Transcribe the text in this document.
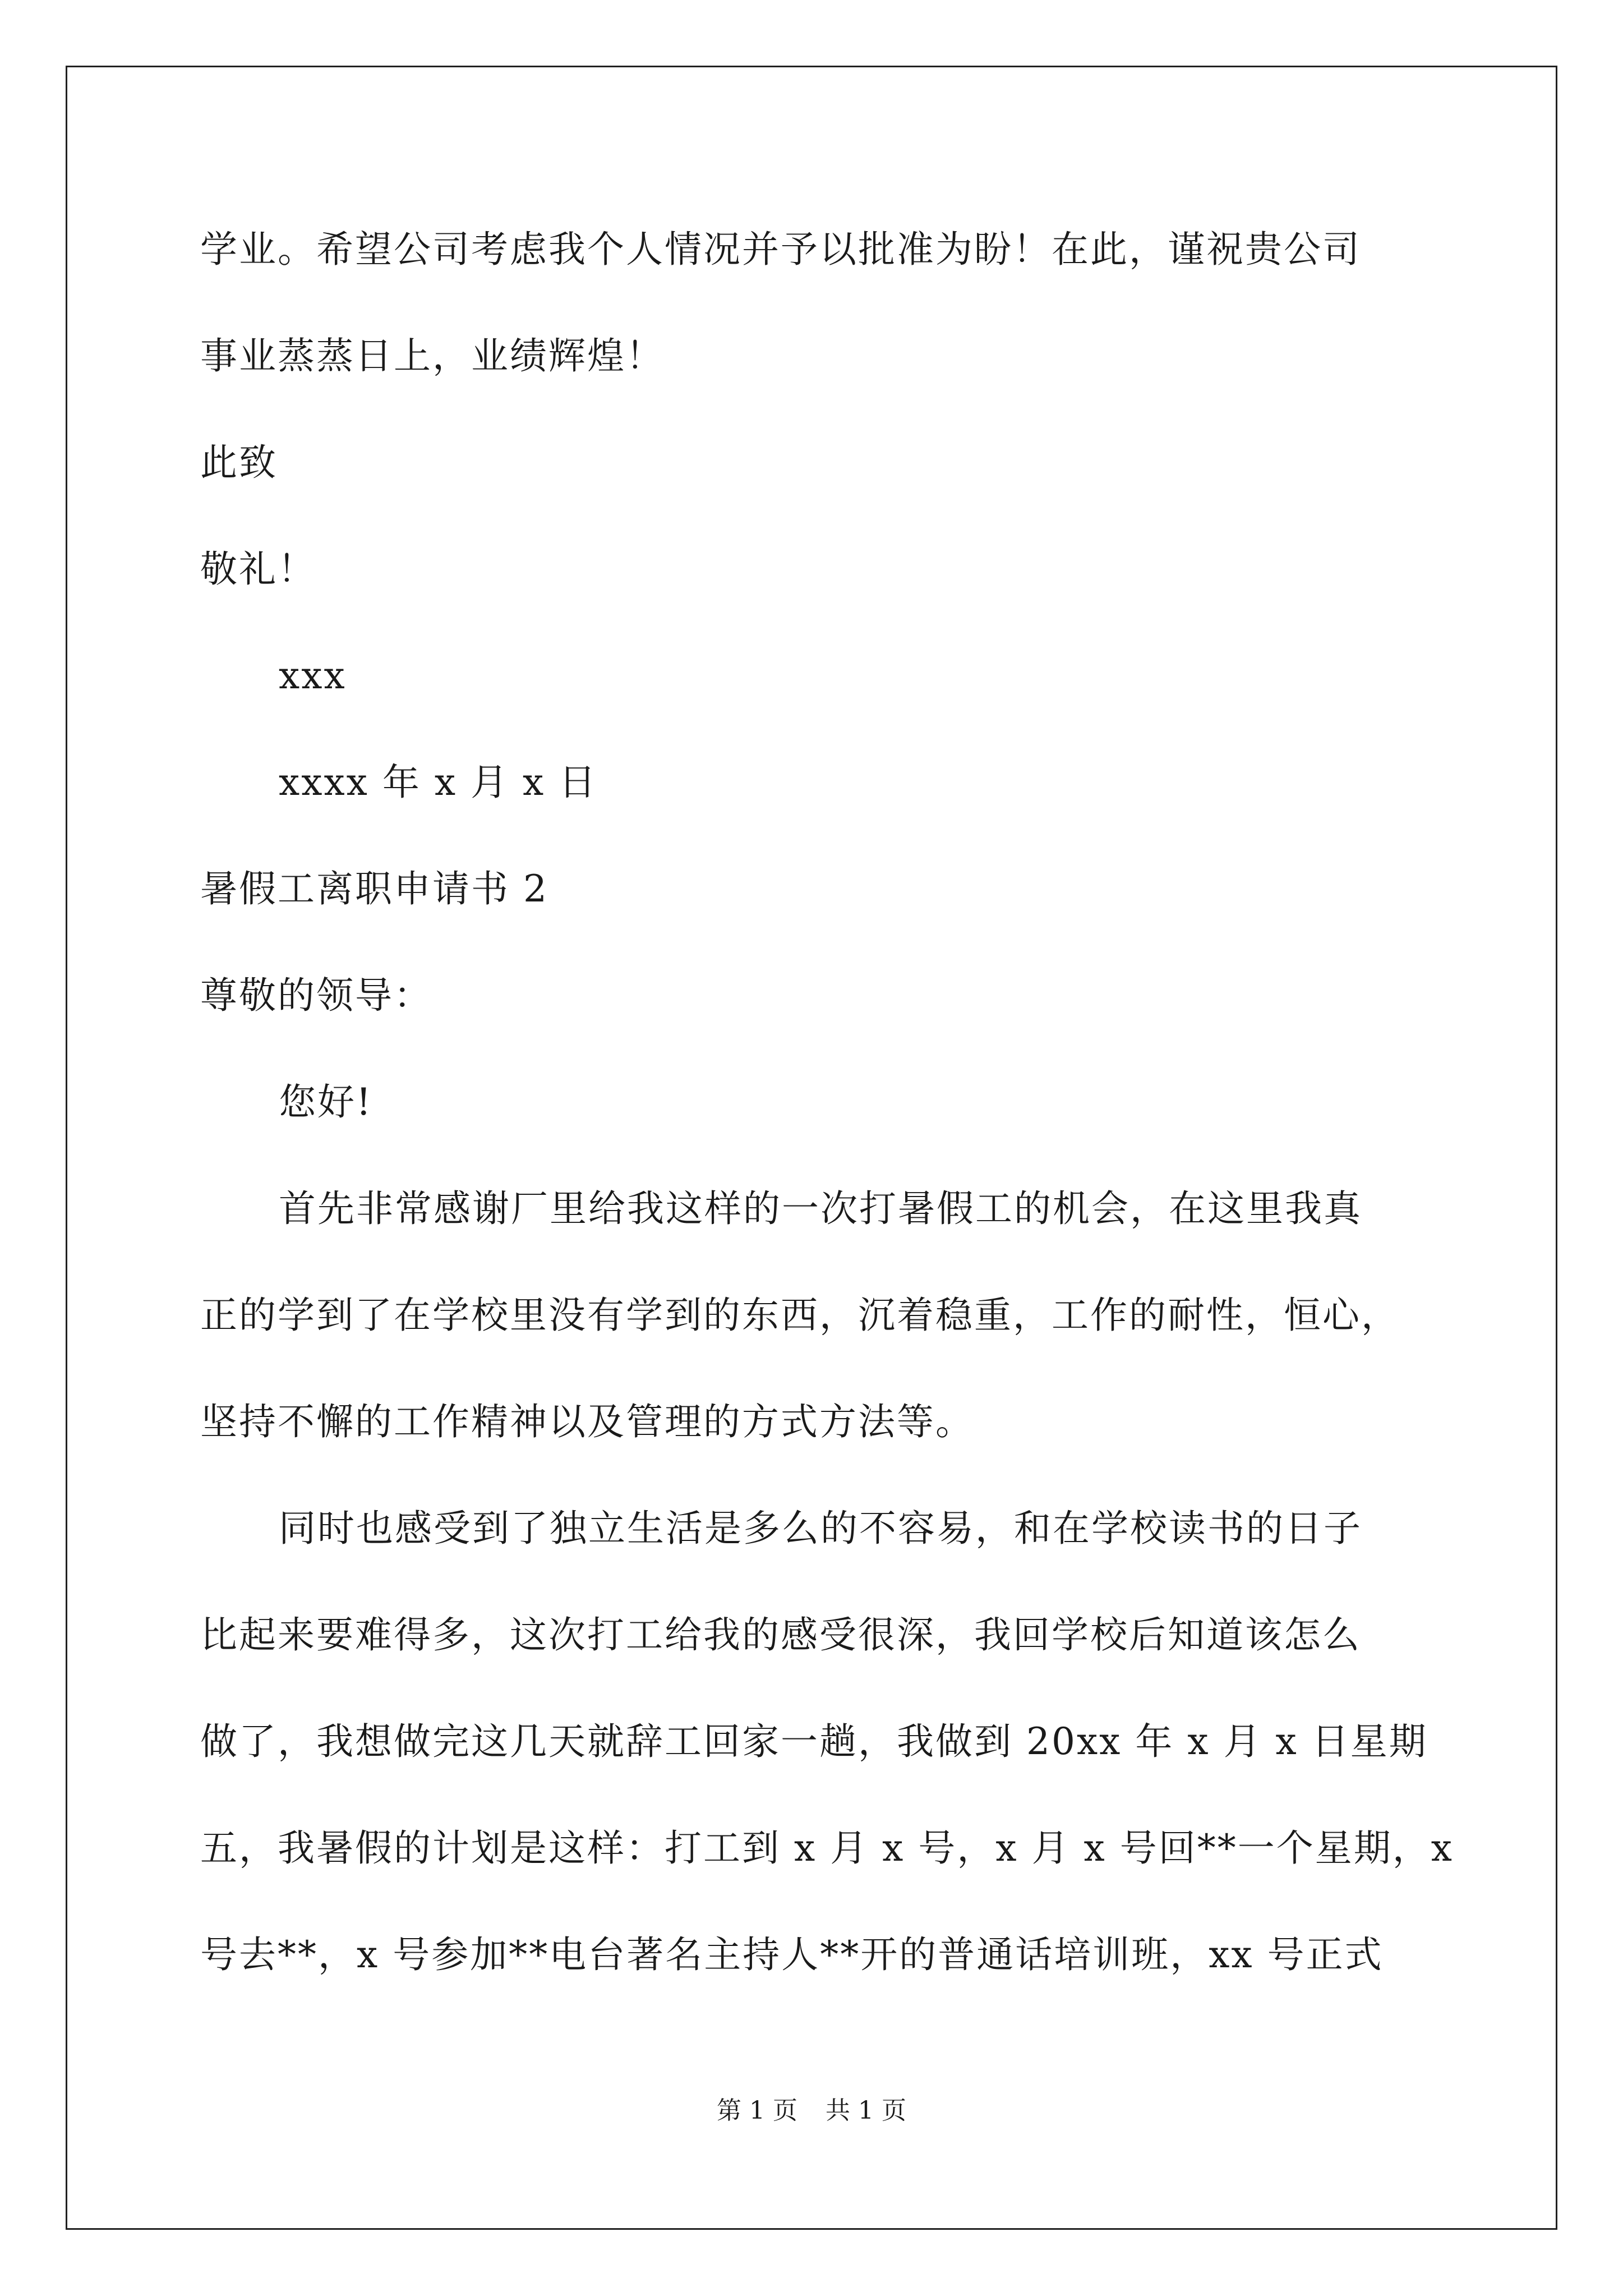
学业。希望公司考虑我个人情况并予以批准为盼！在此，谨祝贵公司
事业蒸蒸日上，业绩辉煌！
此致
敬礼！
xxx
xxxx 年 x 月 x 日
暑假工离职申请书 2
尊敬的领导：
您好!
首先非常感谢厂里给我这样的一次打暑假工的机会，在这里我真
正的学到了在学校里没有学到的东西，沉着稳重，工作的耐性，恒心，
坚持不懈的工作精神以及管理的方式方法等。
同时也感受到了独立生活是多么的不容易，和在学校读书的日子
比起来要难得多，这次打工给我的感受很深，我回学校后知道该怎么
做了，我想做完这几天就辞工回家一趟，我做到 20xx 年 x 月 x 日星期
五，我暑假的计划是这样：打工到 x 月 x 号，x 月 x 号回**一个星期，x
号去**，x 号参加**电台著名主持人**开的普通话培训班，xx 号正式
第 1 页 共 1 页
